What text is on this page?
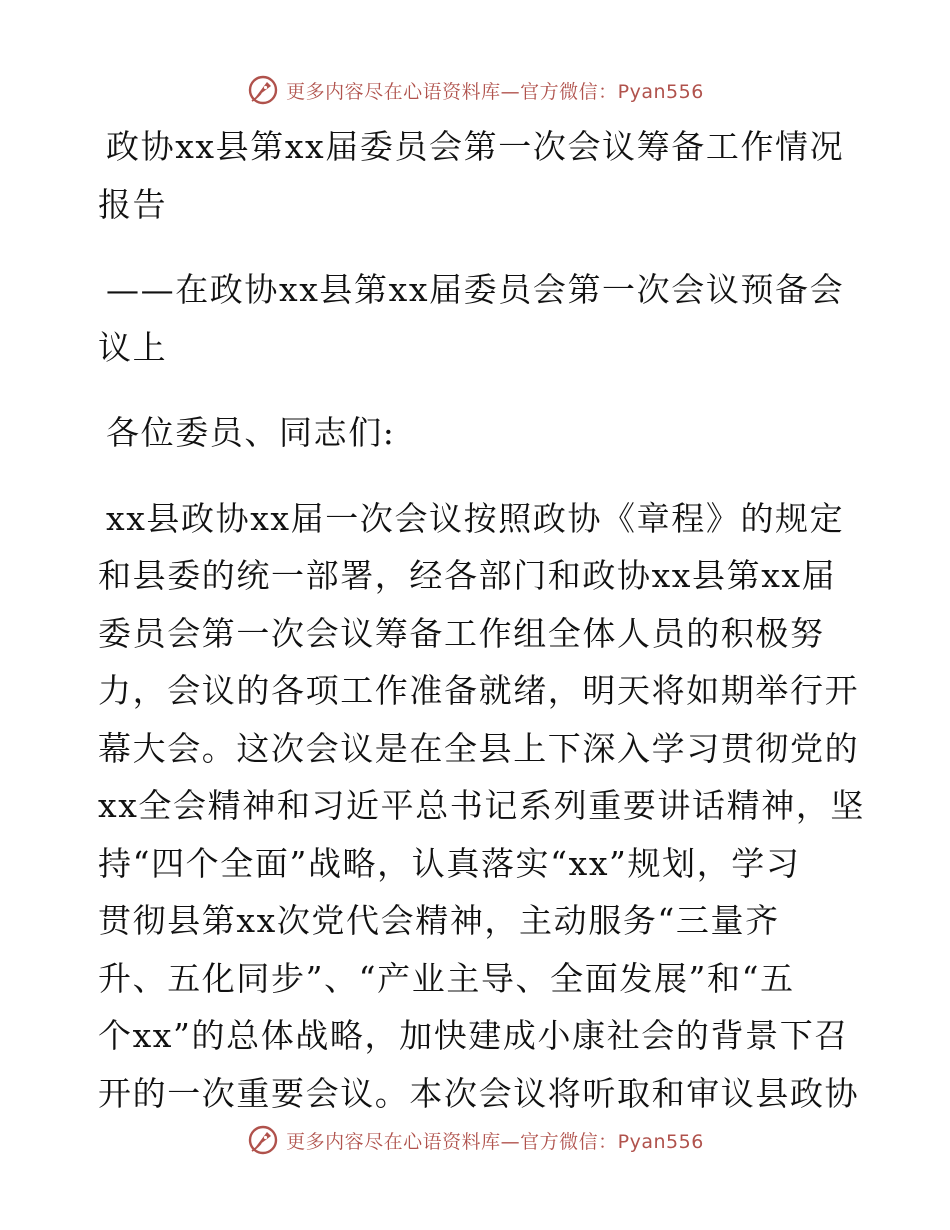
更多内容尽在心语资料库—官方微信：Pyan556
政协xx县第xx届委员会第一次会议筹备工作情况
报告
——在政协xx县第xx届委员会第一次会议预备会
议上
各位委员、同志们:
xx县政协xx届一次会议按照政协《章程》的规定
和县委的统一部署，经各部门和政协xx县第xx届
委员会第一次会议筹备工作组全体人员的积极努
力，会议的各项工作准备就绪，明天将如期举行开
幕大会。这次会议是在全县上下深入学习贯彻党的
xx全会精神和习近平总书记系列重要讲话精神，坚
持“四个全面”战略，认真落实“xx”规划，学习
贯彻县第xx次党代会精神，主动服务“三量齐
升、五化同步”、“产业主导、全面发展”和“五
个xx”的总体战略，加快建成小康社会的背景下召
开的一次重要会议。本次会议将听取和审议县政协
更多内容尽在心语资料库—官方微信：Pyan556
